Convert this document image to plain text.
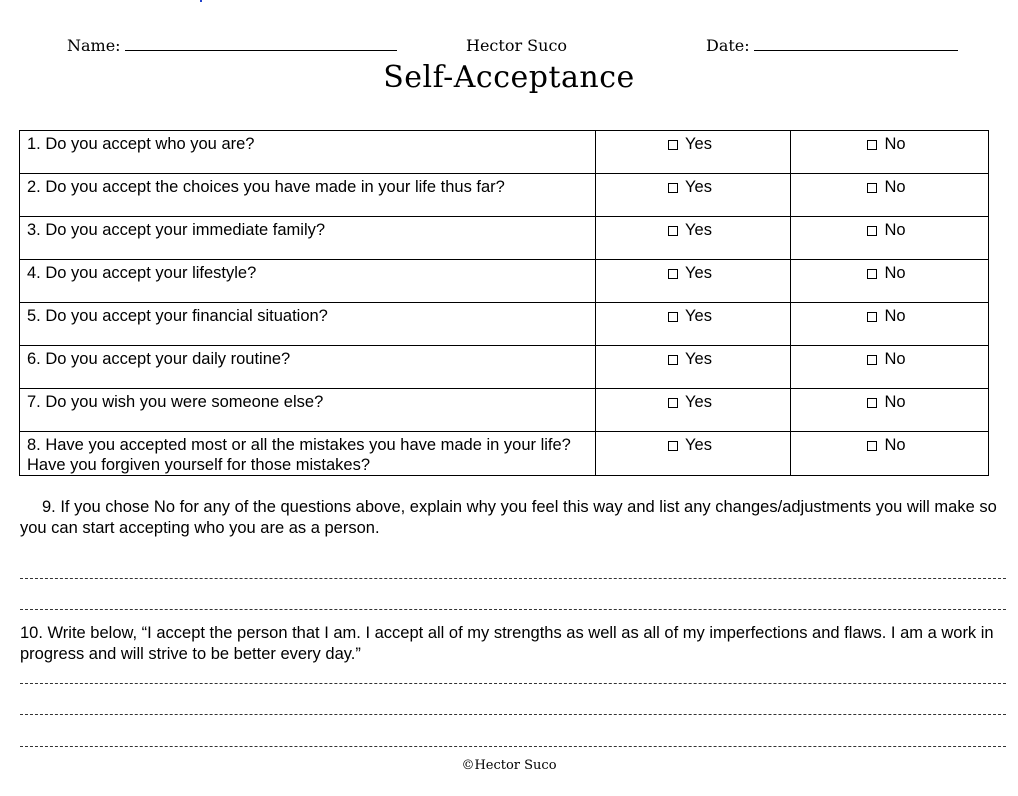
Name:	Hector Suco	Date:
Self-Acceptance
1. Do you accept who you are?	Yes	No
2. Do you accept the choices you have made in your life thus far?	Yes	No
3. Do you accept your immediate family?	Yes	No
4. Do you accept your lifestyle?	Yes	No
5. Do you accept your financial situation?	Yes	No
6. Do you accept your daily routine?	Yes	No
7. Do you wish you were someone else?	Yes	No
8. Have you accepted most or all the mistakes you have made in your life? Have you forgiven yourself for those mistakes?	Yes	No
9. If you chose No for any of the questions above, explain why you feel this way and list any changes/adjustments you will make so you can start accepting who you are as a person.
10. Write below, “I accept the person that I am. I accept all of my strengths as well as all of my imperfections and flaws. I am a work in progress and will strive to be better every day.”
©Hector Suco
